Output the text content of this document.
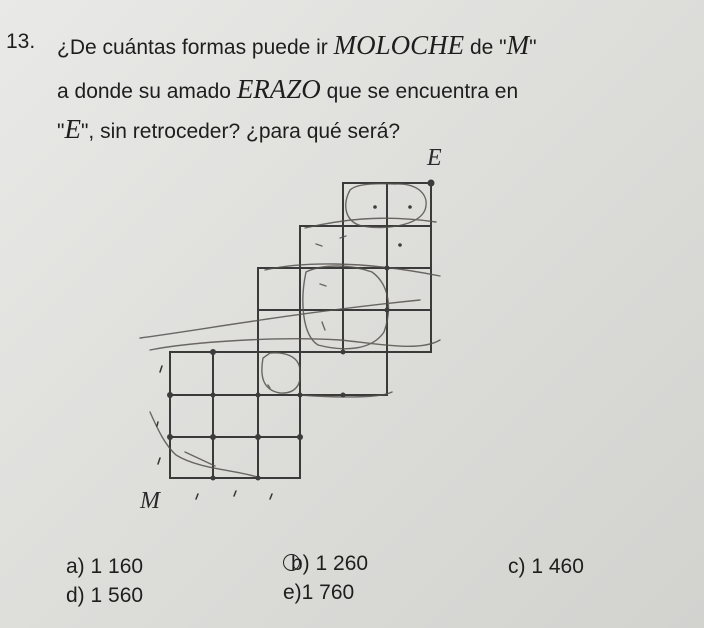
13. ¿De cuántas formas puede ir MOLOCHE de "M"
a donde su amado ERAZO que se encuentra en
"E", sin retroceder? ¿para qué será?
E
M
a) 1 160	b) 1 260	c) 1 460
d) 1 560	e)1 760
